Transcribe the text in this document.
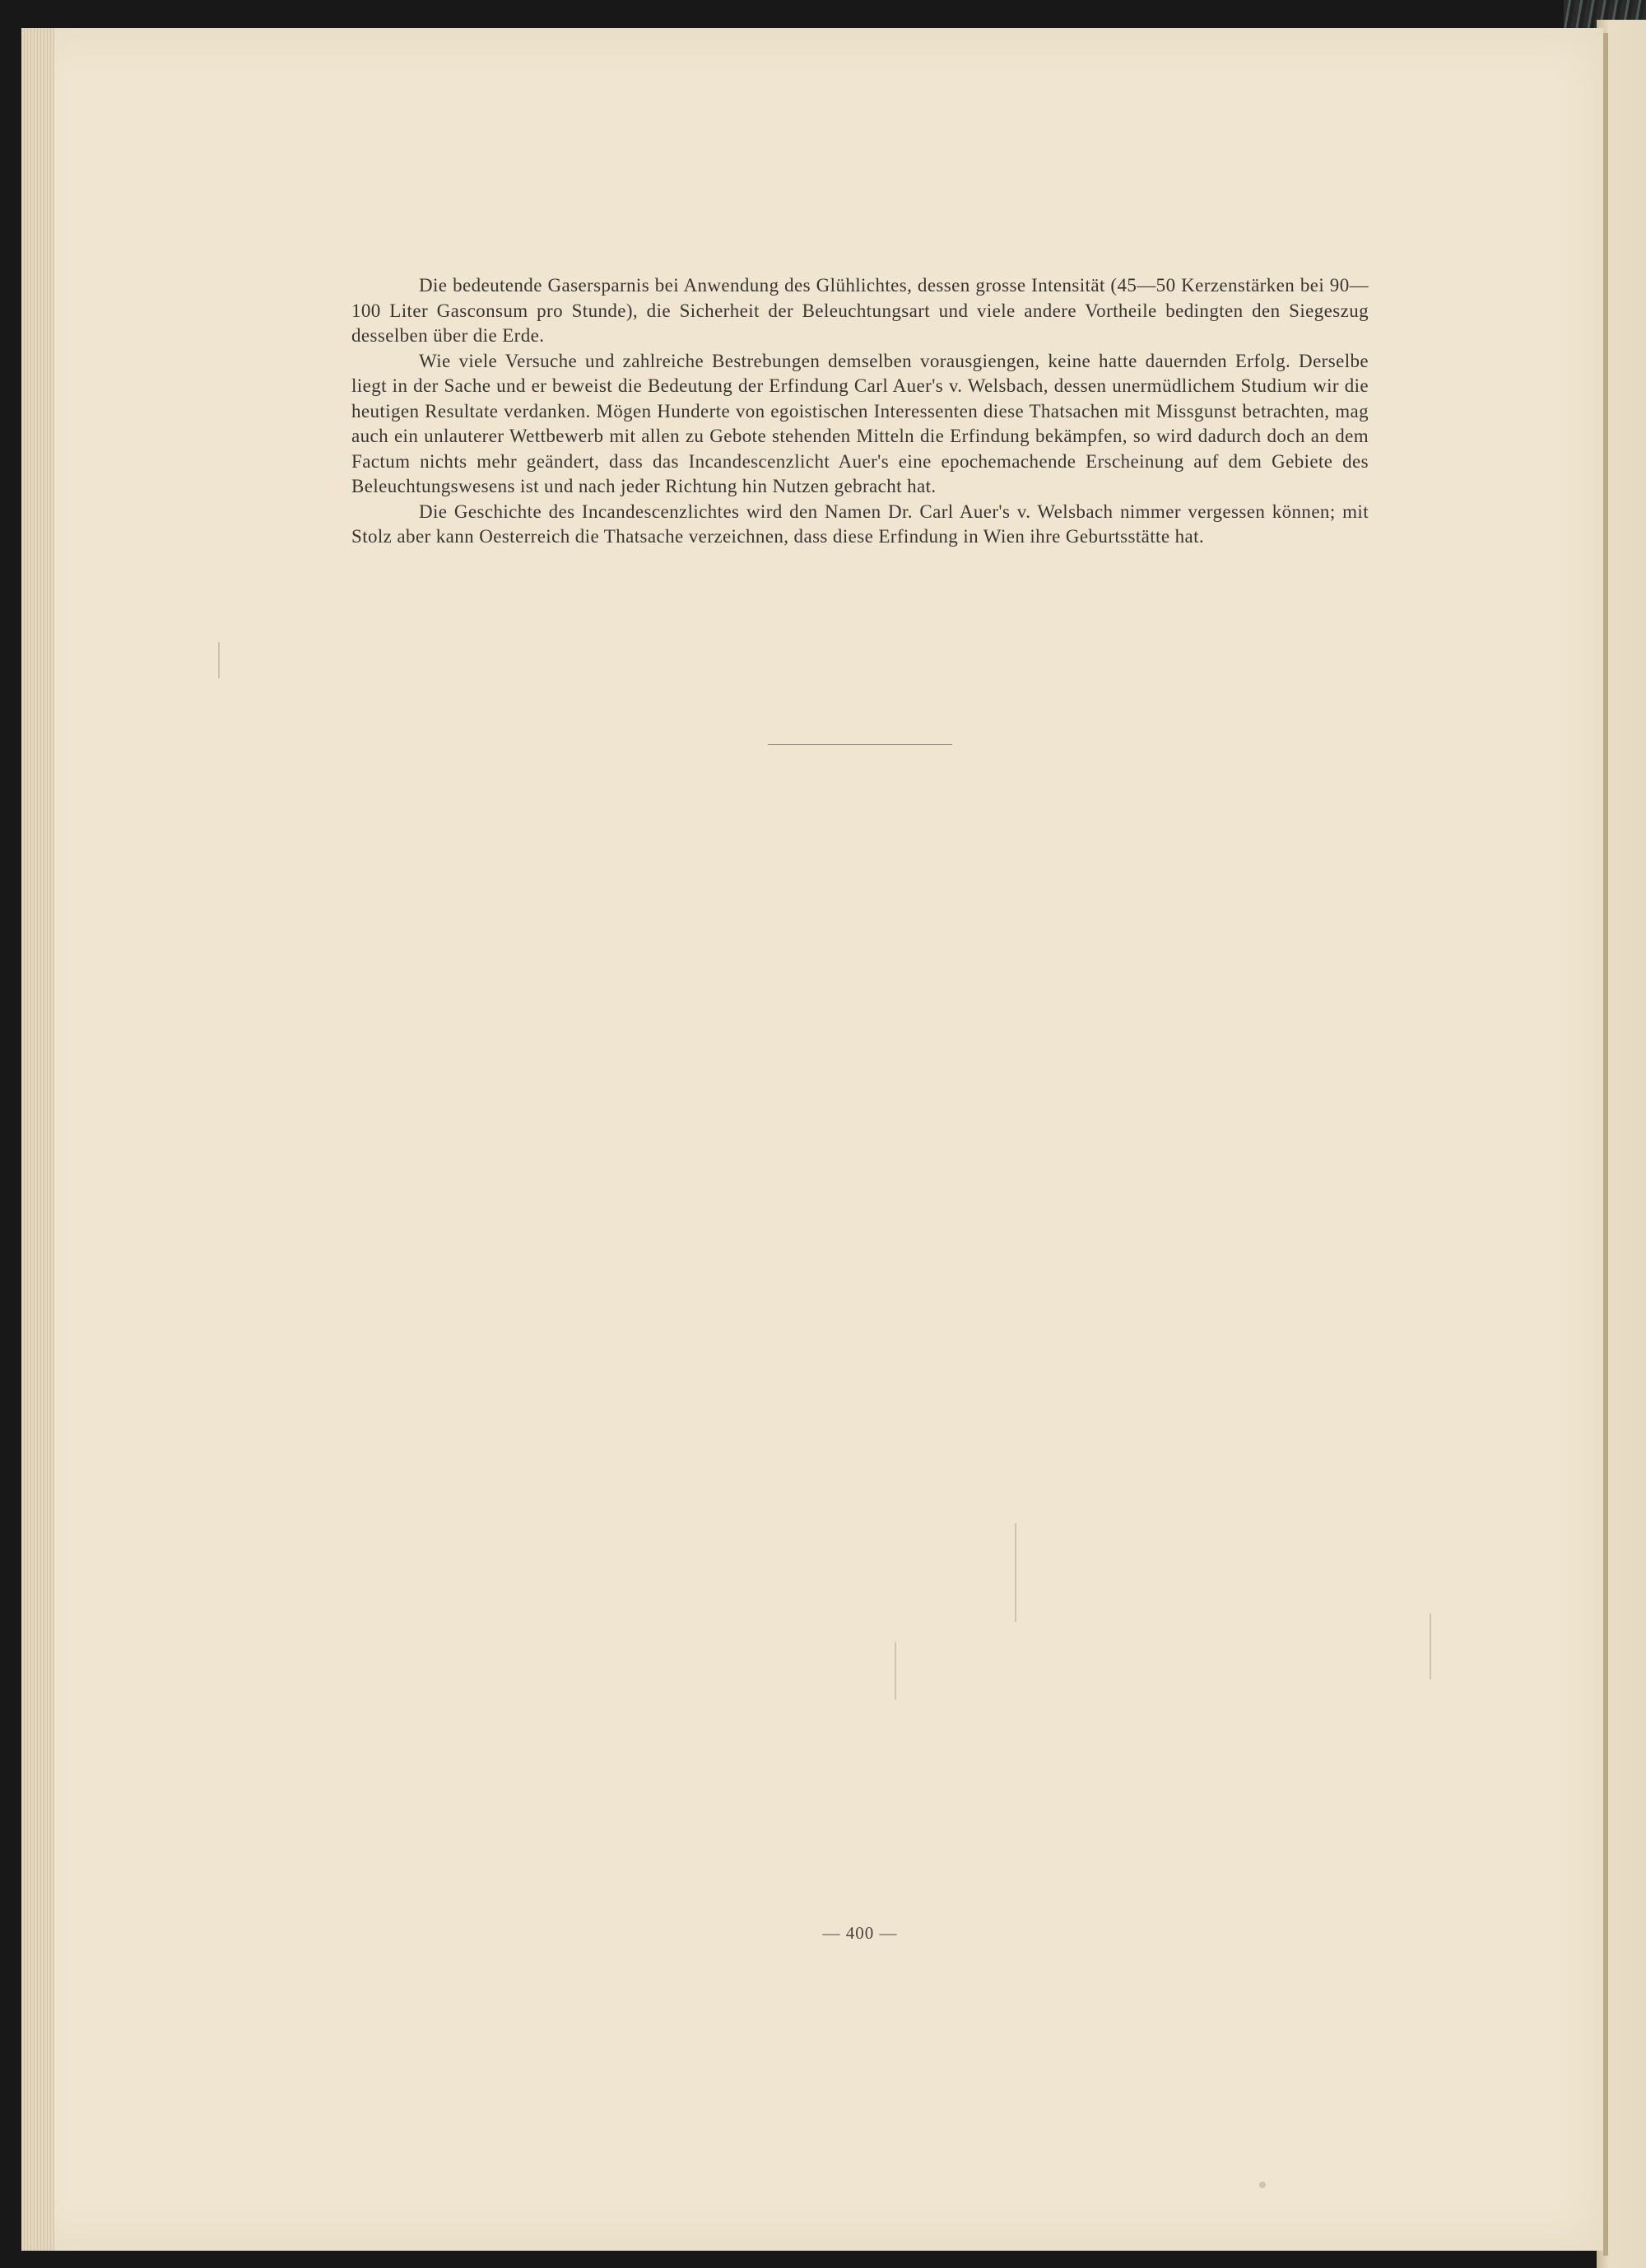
Die bedeutende Gasersparnis bei Anwendung des Glühlichtes, dessen grosse Intensität (45—50 Kerzenstärken bei 90—100 Liter Gasconsum pro Stunde), die Sicherheit der Beleuchtungsart und viele andere Vortheile bedingten den Siegeszug desselben über die Erde.

Wie viele Versuche und zahlreiche Bestrebungen demselben vorausgiengen, keine hatte dauernden Erfolg. Derselbe liegt in der Sache und er beweist die Bedeutung der Erfindung Carl Auer's v. Welsbach, dessen unermüdlichem Studium wir die heutigen Resultate verdanken. Mögen Hunderte von egoistischen Interessenten diese Thatsachen mit Missgunst betrachten, mag auch ein unlauterer Wettbewerb mit allen zu Gebote stehenden Mitteln die Erfindung bekämpfen, so wird dadurch doch an dem Factum nichts mehr geändert, dass das Incandescenzlicht Auer's eine epochemachende Erscheinung auf dem Gebiete des Beleuchtungswesens ist und nach jeder Richtung hin Nutzen gebracht hat.

Die Geschichte des Incandescenzlichtes wird den Namen Dr. Carl Auer's v. Welsbach nimmer vergessen können; mit Stolz aber kann Oesterreich die Thatsache verzeichnen, dass diese Erfindung in Wien ihre Geburtsstätte hat.

— 400 —
